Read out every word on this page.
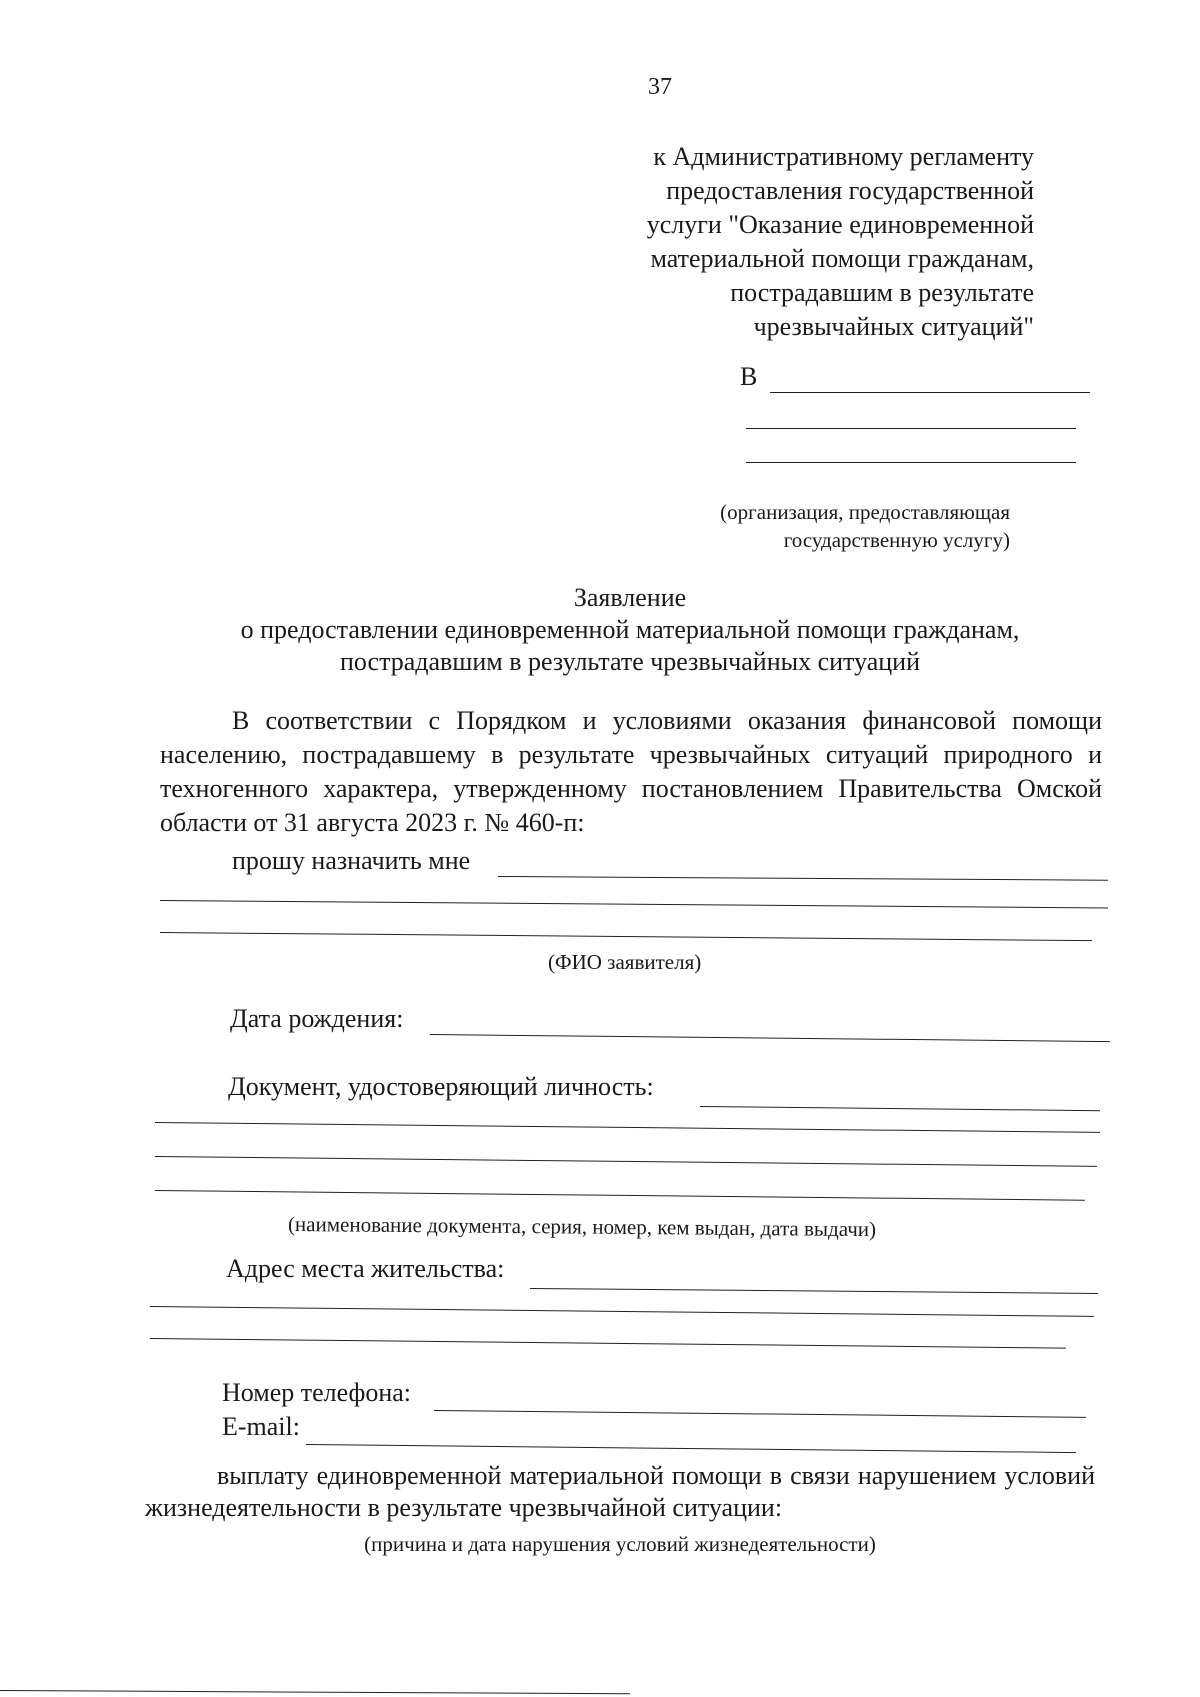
37
к Административному регламенту
предоставления государственной
услуги "Оказание единовременной
материальной помощи гражданам,
пострадавшим в результате
чрезвычайных ситуаций"
В
(организация, предоставляющая
государственную услугу)
Заявление
о предоставлении единовременной материальной помощи гражданам,
пострадавшим в результате чрезвычайных ситуаций
В соответствии с Порядком и условиями оказания финансовой помощи населению, пострадавшему в результате чрезвычайных ситуаций природного и техногенного характера, утвержденному постановлением Правительства Омской области от 31 августа 2023 г. № 460-п:
прошу назначить мне
(ФИО заявителя)
Дата рождения:
Документ, удостоверяющий личность:
(наименование документа, серия, номер, кем выдан, дата выдачи)
Адрес места жительства:
Номер телефона:
E-mail:
выплату единовременной материальной помощи в связи нарушением условий жизнедеятельности в результате чрезвычайной ситуации:
(причина и дата нарушения условий жизнедеятельности)
